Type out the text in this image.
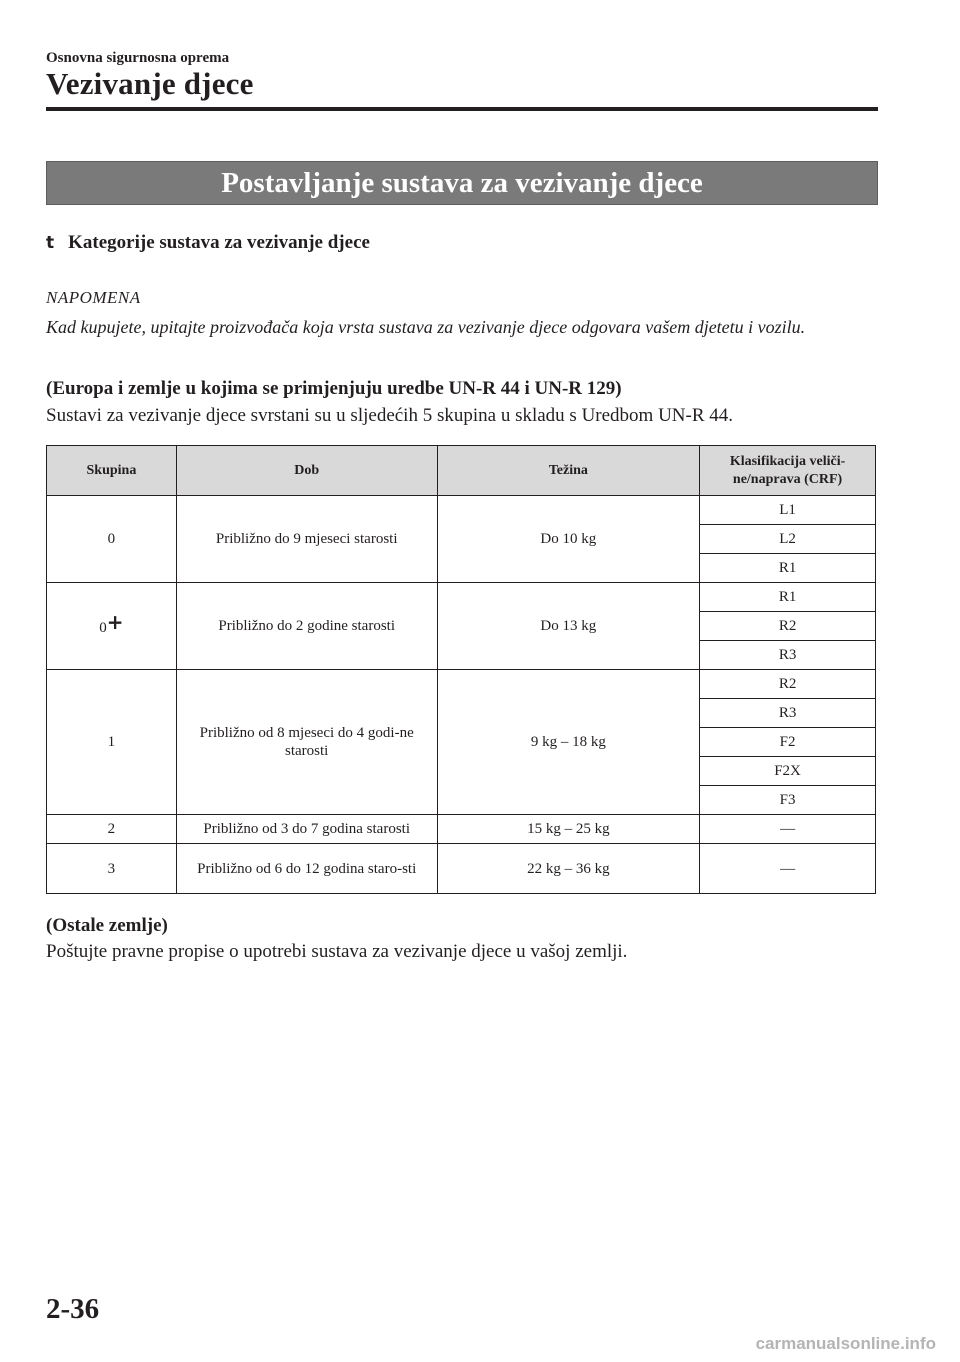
Osnovna sigurnosna oprema
Vezivanje djece
Postavljanje sustava za vezivanje djece
t Kategorije sustava za vezivanje djece
NAPOMENA
Kad kupujete, upitajte proizvođača koja vrsta sustava za vezivanje djece odgovara vašem djetetu i vozilu.
(Europa i zemlje u kojima se primjenjuju uredbe UN-R 44 i UN-R 129)
Sustavi za vezivanje djece svrstani su u sljedećih 5 skupina u skladu s Uredbom UN-R 44.
Skupina	Dob	Težina	Klasifikacija veliči-ne/naprava (CRF)
0	Približno do 9 mjeseci starosti	Do 10 kg	L1
			L2
			R1
0+	Približno do 2 godine starosti	Do 13 kg	R1
			R2
			R3
1	Približno od 8 mjeseci do 4 godi-ne starosti	9 kg – 18 kg	R2
			R3
			F2
			F2X
			F3
2	Približno od 3 do 7 godina starosti	15 kg – 25 kg	—
3	Približno od 6 do 12 godina staro-sti	22 kg – 36 kg	—
(Ostale zemlje)
Poštujte pravne propise o upotrebi sustava za vezivanje djece u vašoj zemlji.
2-36
carmanualsonline.info
